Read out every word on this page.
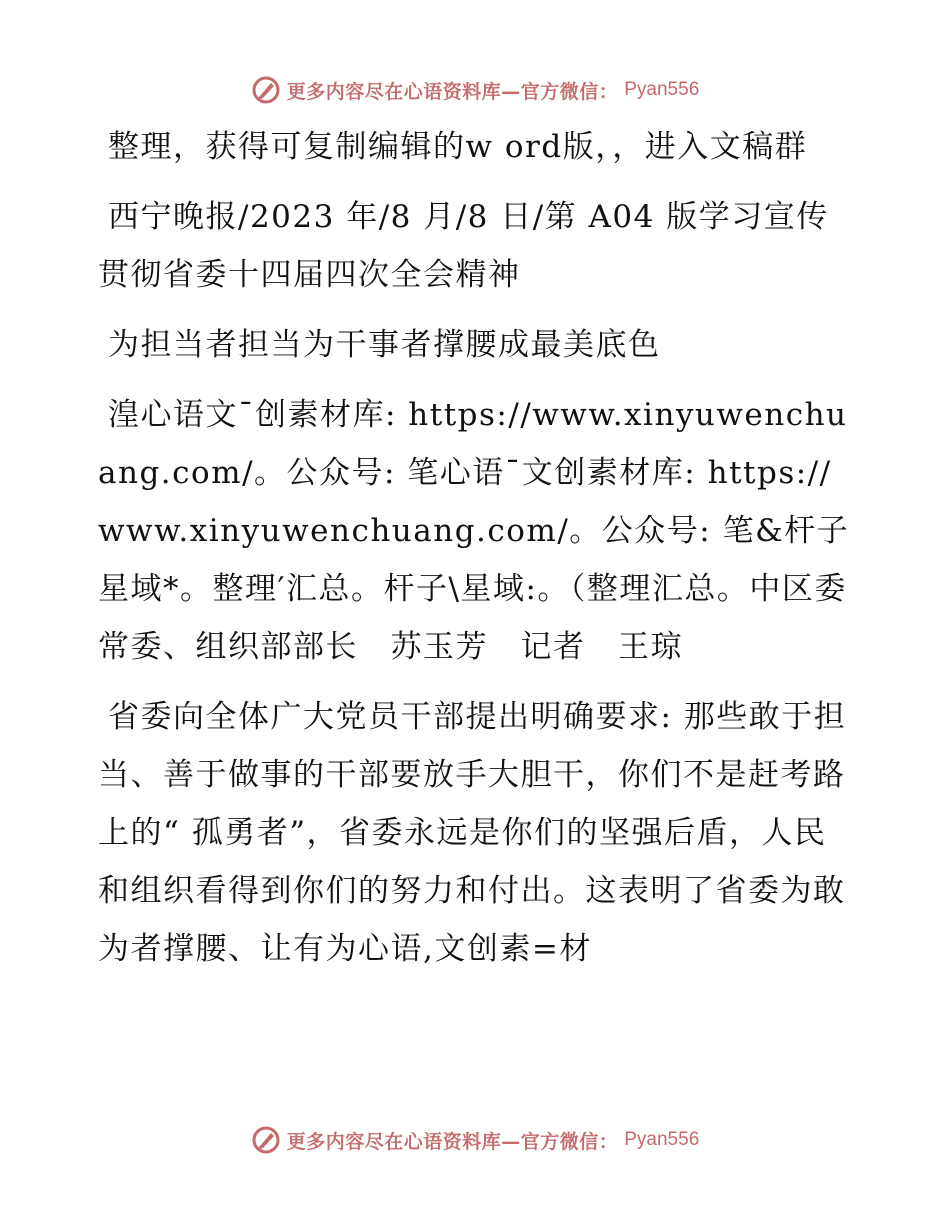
更多内容尽在心语资料库—官方微信： Pyan556

整理，获得可复制编辑的w ord版，，进入文稿群

西宁晚报/2023 年/8 月/8 日/第 A04 版学习宣传贯彻省委十四届四次全会精神

为担当者担当为干事者撑腰成最美底色

湟心语文¯创素材库: https://www.xinyuwenchuang.com/。公众号: 笔心语¯文创素材库: https://www.xinyuwenchuang.com/。公众号: 笔&杆子星域*。整理′汇总。杆子\星域:。（整理汇总。中区委常委、组织部部长　苏玉芳　记者　王琼

省委向全体广大党员干部提出明确要求: 那些敢于担当、善于做事的干部要放手大胆干，你们不是赶考路上的“ 孤勇者”，省委永远是你们的坚强后盾，人民和组织看得到你们的努力和付出。这表明了省委为敢为者撑腰、让有为心语,文创素=材

更多内容尽在心语资料库—官方微信： Pyan556
